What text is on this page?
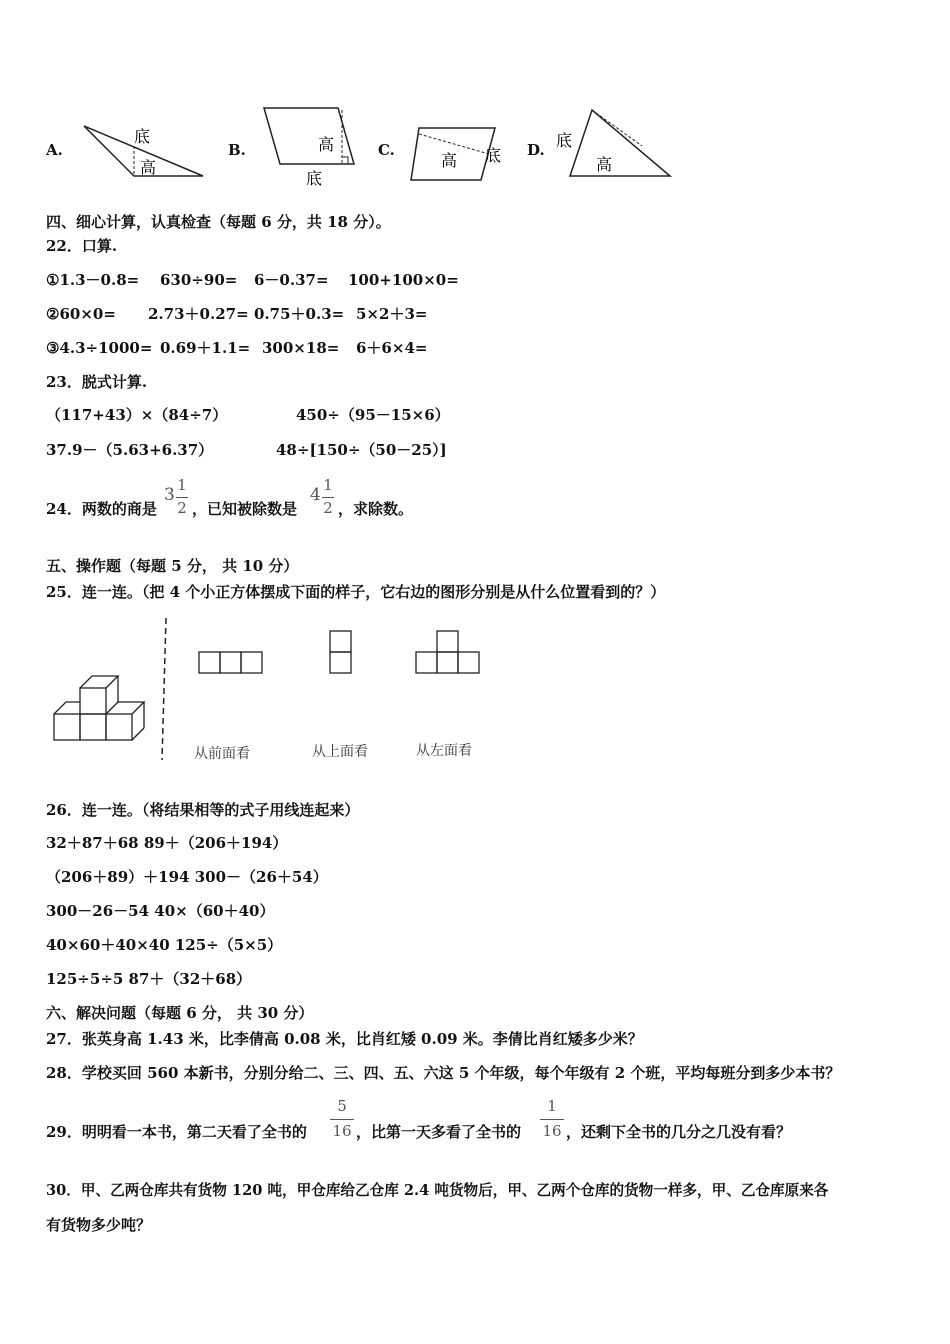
A.
底
高
B.	高
底
C.
高 底 D. 底
高
四、细心计算，认真检查（每题 6 分，共 18 分）。
22．口算.
①1.3－0.8= 630÷90= 6－0.37= 100+100×0=
②60×0= 2.73＋0.27= 0.75＋0.3= 5×2＋3=
③4.3÷1000= 0.69＋1.1= 300×18= 6＋6×4=
23．脱式计算.
（117+43）×（84÷7）	450÷（95－15×6）
37.9－（5.63+6.37）	48÷[150÷（50－25）]
24．两数的商是
3 1
2 ，已知被除数是
4 1
2 ，求除数。
五、操作题（每题 5 分， 共 10 分）
25．连一连。（把 4 个小正方体摆成下面的样子，它右边的图形分别是从什么位置看到的？）
从前面看	从上面看	从左面看
26．连一连。（将结果相等的式子用线连起来）
32＋87＋68 89＋（206＋194）
（206＋89）＋194 300－（26＋54）
300－26－54 40×（60＋40）
40×60＋40×40 125÷（5×5）
125÷5÷5 87＋（32＋68）
六、解决问题（每题 6 分， 共 30 分）
27．张英身高 1.43 米，比李倩高 0.08 米，比肖红矮 0.09 米。李倩比肖红矮多少米？
28．学校买回 560 本新书，分别分给二、三、四、五、六这 5 个年级，每个年级有 2 个班，平均每班分到多少本书？
29．明明看一本书，第二天看了全书的
5
16 ，比第一天多看了全书的
1
16 ，还剩下全书的几分之几没有看？
30．甲、乙两仓库共有货物 120 吨，甲仓库给乙仓库 2.4 吨货物后，甲、乙两个仓库的货物一样多，甲、乙仓库原来各
有货物多少吨？
